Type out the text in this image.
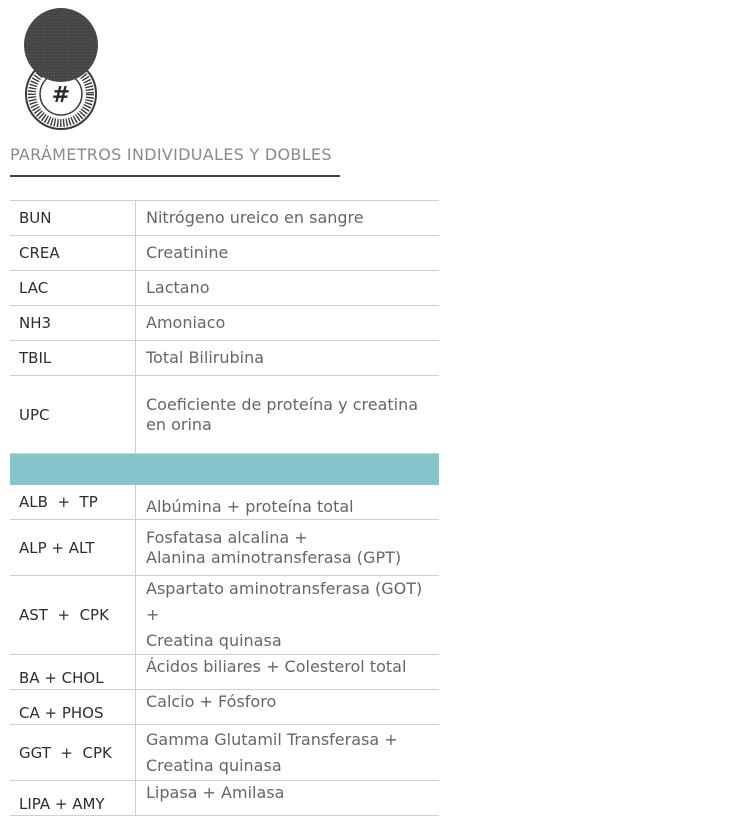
#
PARÁMETROS INDIVIDUALES Y DOBLES
BUN	Nitrógeno ureico en sangre
CREA	Creatinine
LAC	Lactano
NH3	Amoniaco
TBIL	Total Bilirubina
UPC	Coeficiente de proteína y creatina
en orina

ALB  +  TP	Albúmina + proteína total
ALP + ALT	Fosfatasa alcalina +
Alanina aminotransferasa (GPT)

AST  +  CPK	Aspartato aminotransferasa (GOT) +
Creatina quinasa

BA + CHOL	Ácidos biliares + Colesterol total
CA + PHOS	Calcio + Fósforo
GGT  +  CPK	Gamma Glutamil Transferasa +
Creatina quinasa

LIPA + AMY	Lipasa + Amilasa
